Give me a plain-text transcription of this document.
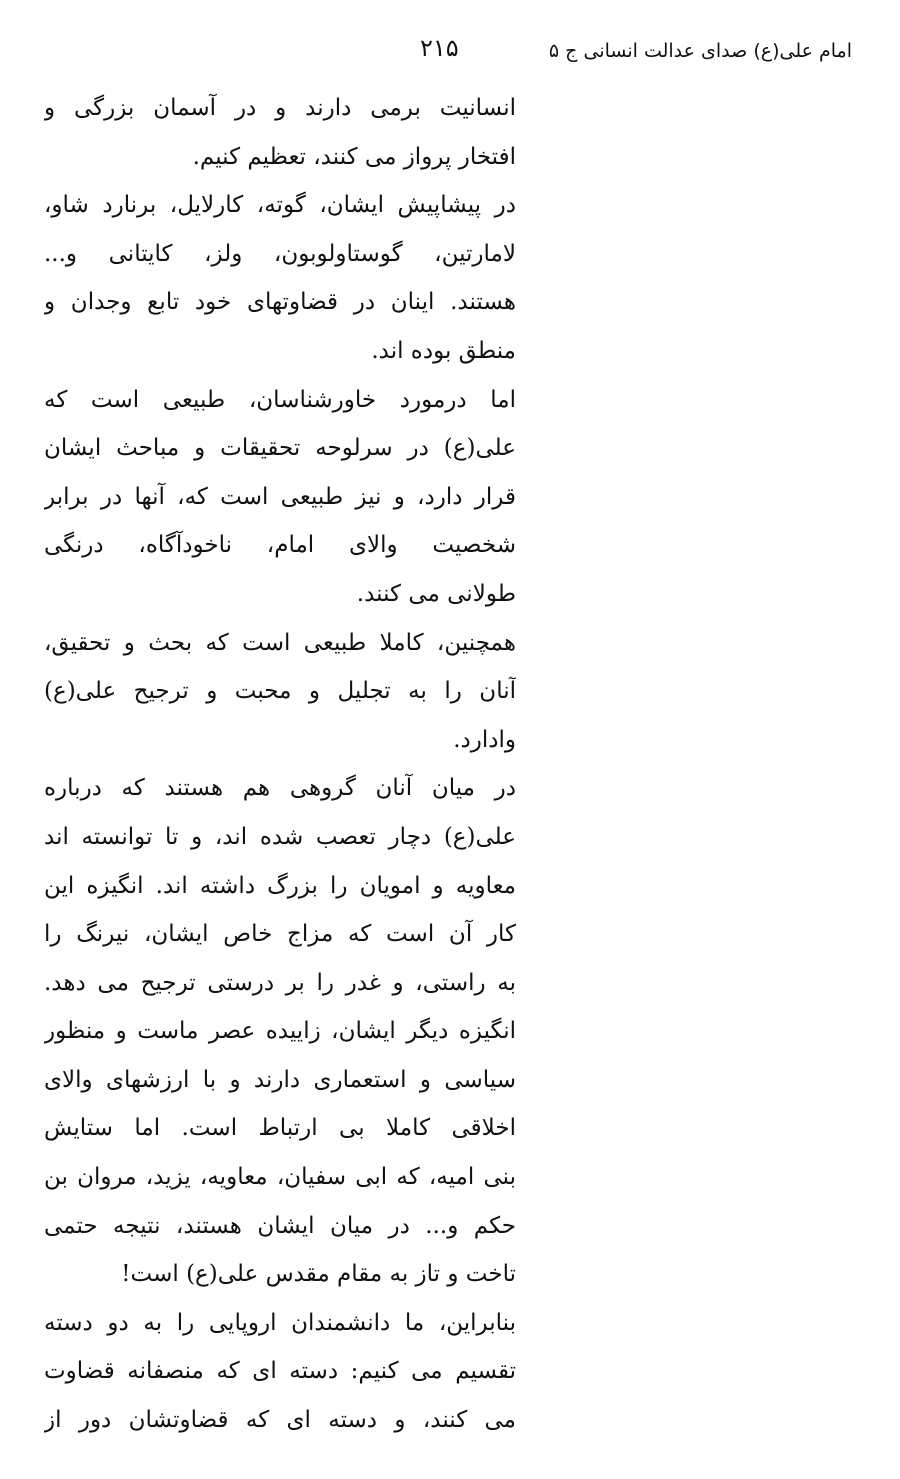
امام علی(ع) صدای عدالت انسانی ج ۵
۲۱۵
انسانیت برمی دارند و در آسمان بزرگی و
افتخار پرواز می کنند، تعظیم کنیم.
در پیشاپیش ایشان، گوته، کارلایل، برنارد شاو،
لامارتین، گوستاولوبون، ولز، کایتانی و...
هستند. اینان در قضاوتهای خود تابع وجدان و
منطق بوده اند.
اما درمورد خاورشناسان، طبیعی است که
علی(ع) در سرلوحه تحقیقات و مباحث ایشان
قرار دارد، و نیز طبیعی است که، آنها در برابر
شخصیت والای امام، ناخودآگاه، درنگی
طولانی می کنند.
همچنین، کاملا طبیعی است که بحث و تحقیق،
آنان را به تجلیل و محبت و ترجیح علی(ع)
وادارد.
در میان آنان گروهی هم هستند که درباره
علی(ع) دچار تعصب شده اند، و تا توانسته اند
معاویه و امویان را بزرگ داشته اند. انگیزه این
کار آن است که مزاج خاص ایشان، نیرنگ را
به راستی، و غدر را بر درستی ترجیح می دهد.
انگیزه دیگر ایشان، زاییده عصر ماست و منظور
سیاسی و استعماری دارند و با ارزشهای والای
اخلاقی کاملا بی ارتباط است. اما ستایش
بنی امیه، که ابی سفیان، معاویه، یزید، مروان بن
حکم و... در میان ایشان هستند، نتیجه حتمی
تاخت و تاز به مقام مقدس علی(ع) است!
بنابراین، ما دانشمندان اروپایی را به دو دسته
تقسیم می کنیم: دسته ای که منصفانه قضاوت
می کنند، و دسته ای که قضاوتشان دور از
